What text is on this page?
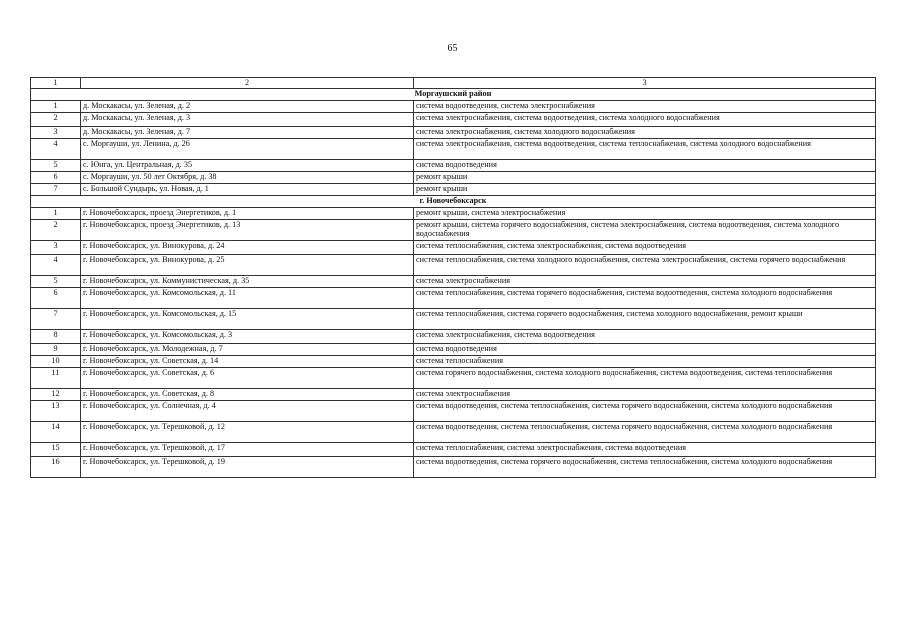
65
1	2	3
Моргаушский район		
1	д. Москакасы, ул. Зеленая, д. 2	система водоотведения, система электроснабжения
2	д. Москакасы, ул. Зеленая, д. 3	система электроснабжения, система водоотведения, система холодного водоснабжения
3	д. Москакасы, ул. Зеленая, д. 7	система электроснабжения, система холодного водоснабжения
4	с. Моргауши, ул. Ленина, д. 26	система электроснабжения, система водоотведения, система теплоснабжения, система холодного водоснабжения
5	с. Юнга, ул. Центральная, д. 35	система водоотведения
6	с. Моргауши, ул. 50 лет Октября, д. 38	ремонт крыши
7	с. Большой Сундырь, ул. Новая, д. 1	ремонт крыши
г. Новочебоксарск		
1	г. Новочебоксарск, проезд Энергетиков, д. 1	ремонт крыши, система электроснабжения
2	г. Новочебоксарск, проезд Энергетиков, д. 13	ремонт крыши, система горячего водоснабжения, система электроснабжения, система водоотведения, система холодного водоснабжения
3	г. Новочебоксарск, ул. Винокурова, д. 24	система теплоснабжения, система электроснабжения, система водоотведения
4	г. Новочебоксарск, ул. Винокурова, д. 25	система теплоснабжения, система холодного водоснабжения, система электроснабжения, система горячего водоснабжения
5	г. Новочебоксарск, ул. Коммунистическая, д. 35	система электроснабжения
6	г. Новочебоксарск, ул. Комсомольская, д. 11	система теплоснабжения, система горячего водоснабжения, система водоотведения, система холодного водоснабжения
7	г. Новочебоксарск, ул. Комсомольская, д. 15	система теплоснабжения, система горячего водоснабжения, система холодного водоснабжения, ремонт крыши
8	г. Новочебоксарск, ул. Комсомольская, д. 3	система электроснабжения, система водоотведения
9	г. Новочебоксарск, ул. Молодежная, д. 7	система водоотведения
10	г. Новочебоксарск, ул. Советская, д. 14	система теплоснабжения
11	г. Новочебоксарск, ул. Советская, д. 6	система горячего водоснабжения, система холодного водоснабжения, система водоотведения, система теплоснабжения
12	г. Новочебоксарск, ул. Советская, д. 8	система электроснабжения
13	г. Новочебоксарск, ул. Солнечная, д. 4	система водоотведения, система теплоснабжения, система горячего водоснабжения, система холодного водоснабжения
14	г. Новочебоксарск, ул. Терешковой, д. 12	система водоотведения, система теплоснабжения, система горячего водоснабжения, система холодного водоснабжения
15	г. Новочебоксарск, ул. Терешковой, д. 17	система теплоснабжения, система электроснабжения, система водоотведения
16	г. Новочебоксарск, ул. Терешковой, д. 19	система водоотведения, система горячего водоснабжения, система теплоснабжения, система холодного водоснабжения
